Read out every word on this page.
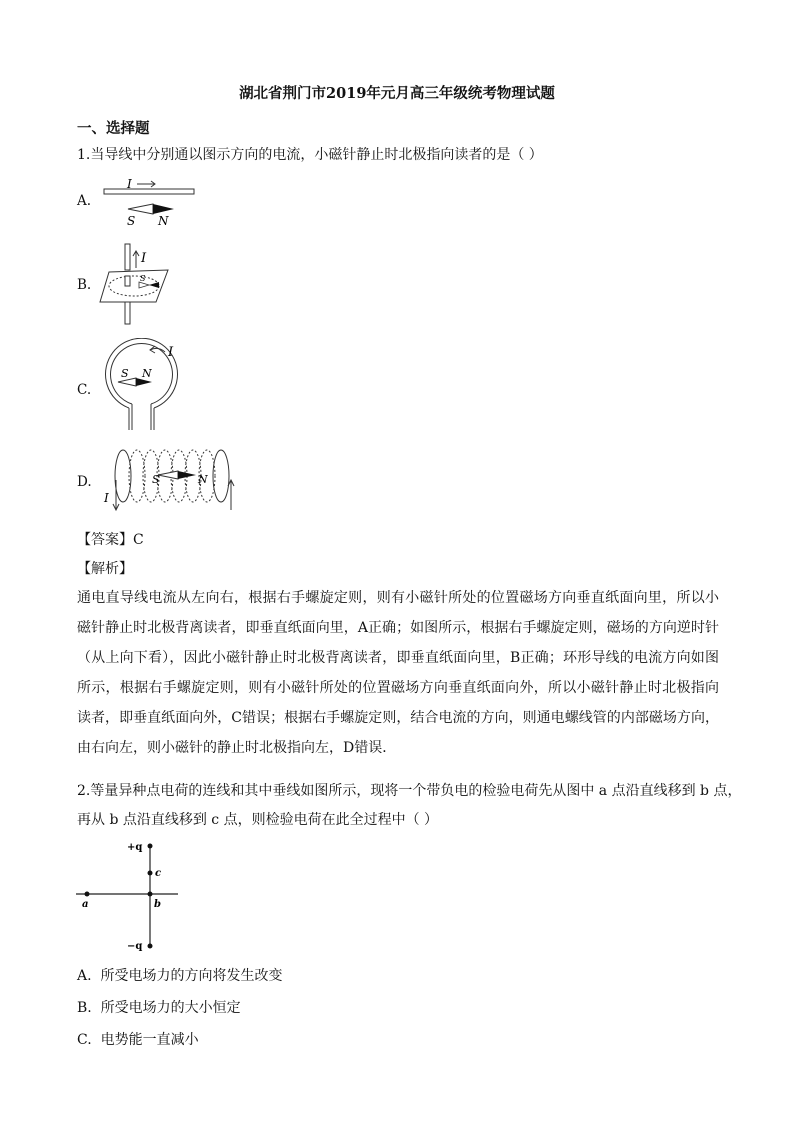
湖北省荆门市2019年元月高三年级统考物理试题
一、选择题
1.当导线中分别通以图示方向的电流，小磁针静止时北极指向读者的是（ ）
A.
I
S N
B.
I
S
C.
I
S N
D.
I
S	N
【答案】C
【解析】
通电直导线电流从左向右，根据右手螺旋定则，则有小磁针所处的位置磁场方向垂直纸面向里，所以小磁针静止时北极背离读者，即垂直纸面向里，A正确；如图所示，根据右手螺旋定则，磁场的方向逆时针（从上向下看），因此小磁针静止时北极背离读者，即垂直纸面向里，B正确；环形导线的电流方向如图所示，根据右手螺旋定则，则有小磁针所处的位置磁场方向垂直纸面向外，所以小磁针静止时北极指向读者，即垂直纸面向外，C错误；根据右手螺旋定则，结合电流的方向，则通电螺线管的内部磁场方向，由右向左，则小磁针的静止时北极指向左，D错误．
2.等量异种点电荷的连线和其中垂线如图所示，现将一个带负电的检验电荷先从图中 a 点沿直线移到 b 点，
再从 b 点沿直线移到 c 点，则检验电荷在此全过程中（ ）
+q
−q
c
b
a
A. 所受电场力的方向将发生改变
B. 所受电场力的大小恒定
C. 电势能一直减小
